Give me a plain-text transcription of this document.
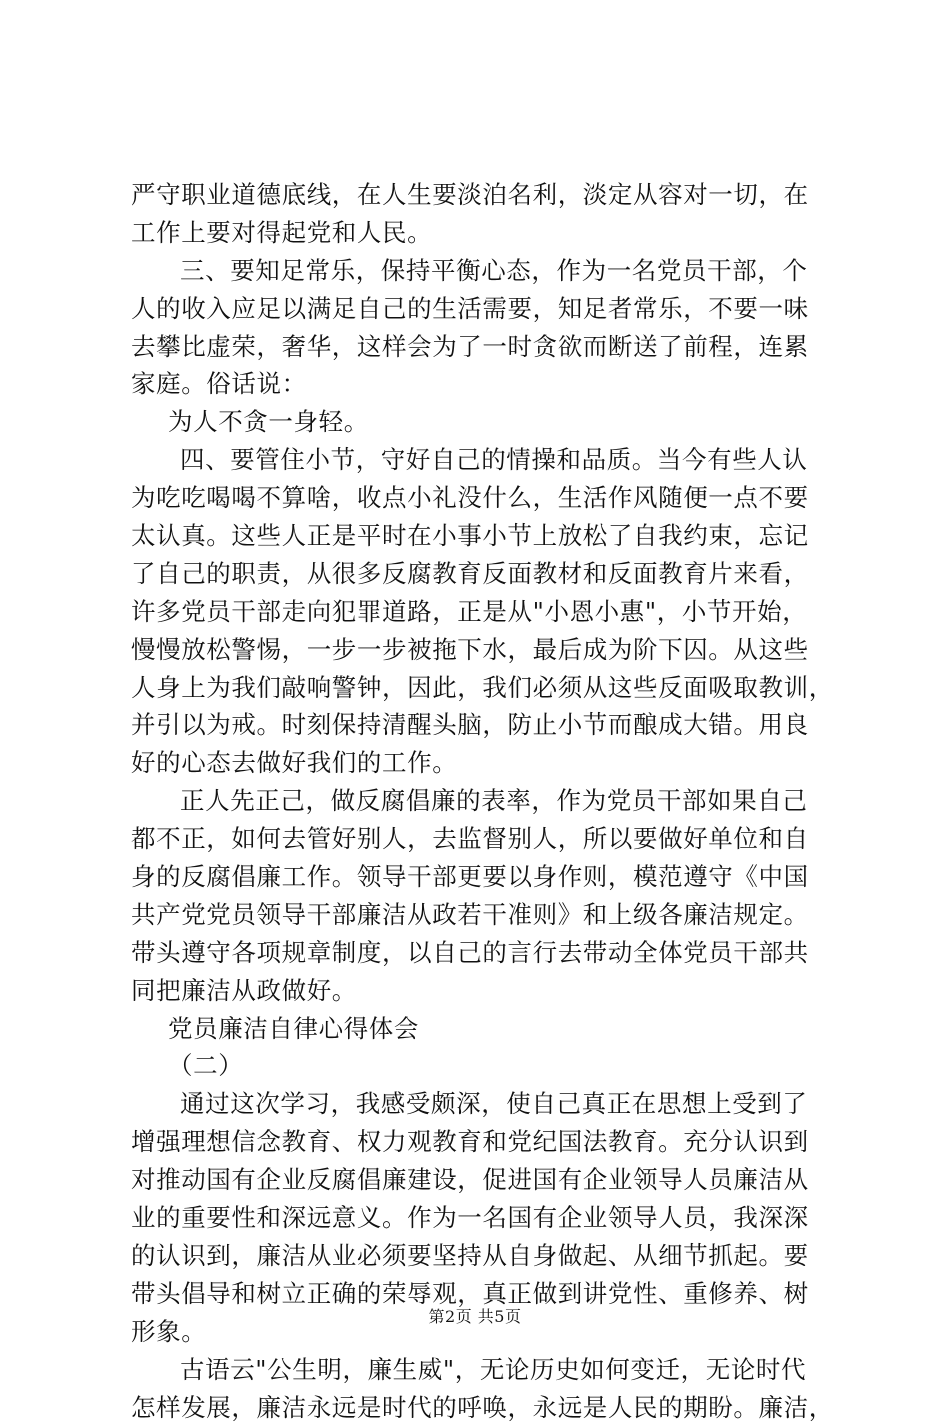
严守职业道德底线，在人生要淡泊名利，淡定从容对一切，在
工作上要对得起党和人民。
三、要知足常乐，保持平衡心态，作为一名党员干部，个
人的收入应足以满足自己的生活需要，知足者常乐，不要一味
去攀比虚荣，奢华，这样会为了一时贪欲而断送了前程，连累
家庭。俗话说：
为人不贪一身轻。
四、要管住小节，守好自己的情操和品质。当今有些人认
为吃吃喝喝不算啥，收点小礼没什么，生活作风随便一点不要
太认真。这些人正是平时在小事小节上放松了自我约束，忘记
了自己的职责，从很多反腐教育反面教材和反面教育片来看，
许多党员干部走向犯罪道路，正是从"小恩小惠"，小节开始，
慢慢放松警惕，一步一步被拖下水，最后成为阶下囚。从这些
人身上为我们敲响警钟，因此，我们必须从这些反面吸取教训，
并引以为戒。时刻保持清醒头脑，防止小节而酿成大错。用良
好的心态去做好我们的工作。
正人先正己，做反腐倡廉的表率，作为党员干部如果自己
都不正，如何去管好别人，去监督别人，所以要做好单位和自
身的反腐倡廉工作。领导干部更要以身作则，模范遵守《中国
共产党党员领导干部廉洁从政若干准则》和上级各廉洁规定。
带头遵守各项规章制度，以自己的言行去带动全体党员干部共
同把廉洁从政做好。
党员廉洁自律心得体会
（二）
通过这次学习，我感受颇深，使自己真正在思想上受到了
增强理想信念教育、权力观教育和党纪国法教育。充分认识到
对推动国有企业反腐倡廉建设，促进国有企业领导人员廉洁从
业的重要性和深远意义。作为一名国有企业领导人员，我深深
的认识到，廉洁从业必须要坚持从自身做起、从细节抓起。要
带头倡导和树立正确的荣辱观，真正做到讲党性、重修养、树
形象。
古语云"公生明，廉生威"，无论历史如何变迁，无论时代
怎样发展，廉洁永远是时代的呼唤，永远是人民的期盼。廉洁，
第2页 共5页
